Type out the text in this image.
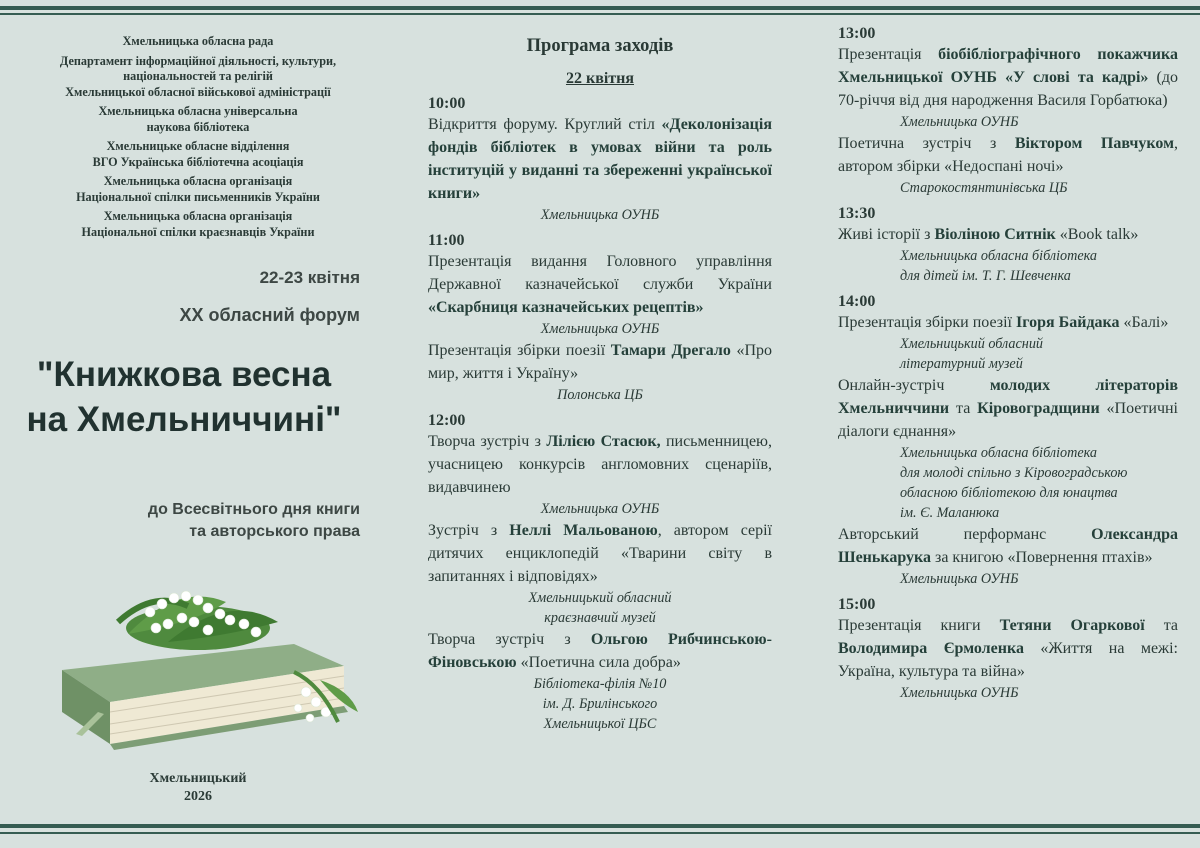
Хмельницька обласна рада
Департамент інформаційної діяльності, культури,
національностей та релігій
Хмельницької обласної військової адміністрації
Хмельницька обласна універсальна
наукова бібліотека
Хмельницьке обласне відділення
ВГО Українська бібліотечна асоціація
Хмельницька обласна організація
Національної спілки письменників України
Хмельницька обласна організація
Національної спілки краєзнавців України
22-23 квітня
XX обласний форум
"Книжкова весна
на Хмельниччині"
до Всесвітнього дня книги
та авторського права
Хмельницький
2026
Програма заходів
22 квітня
10:00
Відкриття форуму. Круглий стіл «Деколонізація фондів бібліотек в умовах війни та роль інституцій у виданні та збереженні української книги»
Хмельницька ОУНБ
11:00
Презентація видання Головного управління Державної казначейської служби України «Скарбниця казначейських рецептів»
Хмельницька ОУНБ
Презентація збірки поезії Тамари Дрегало «Про мир, життя і Україну»
Полонська ЦБ
12:00
Творча зустріч з Лілією Стасюк, письменницею, учасницею конкурсів англомовних сценаріїв, видавчинею
Хмельницька ОУНБ
Зустріч з Неллі Мальованою, автором серії дитячих енциклопедій «Тварини світу в запитаннях і відповідях»
Хмельницький обласний
краєзнавчий музей
Творча зустріч з Ольгою Рибчинською-Фіновською «Поетична сила добра»
Бібліотека-філія №10
ім. Д. Брилінського
Хмельницької ЦБС
13:00
Презентація біобібліографічного покажчика Хмельницької ОУНБ «У слові та кадрі» (до 70-річчя від дня народження Василя Горбатюка)
Хмельницька ОУНБ
Поетична зустріч з Віктором Павчуком, автором збірки «Недоспані ночі»
Старокостянтинівська ЦБ
13:30
Живі історії з Віоліною Ситнік «Book talk»
Хмельницька обласна бібліотека
для дітей ім. Т. Г. Шевченка
14:00
Презентація збірки поезії Ігоря Байдака «Балі»
Хмельницький обласний
літературний музей
Онлайн-зустріч молодих літераторів Хмельниччини та Кіровоградщини «Поетичні діалоги єднання»
Хмельницька обласна бібліотека
для молоді спільно з Кіровоградською
обласною бібліотекою для юнацтва
ім. Є. Маланюка
Авторський перформанс Олександра Шенькарука за книгою «Повернення птахів»
Хмельницька ОУНБ
15:00
Презентація книги Тетяни Огаркової та Володимира Єрмоленка «Життя на межі: Україна, культура та війна»
Хмельницька ОУНБ
